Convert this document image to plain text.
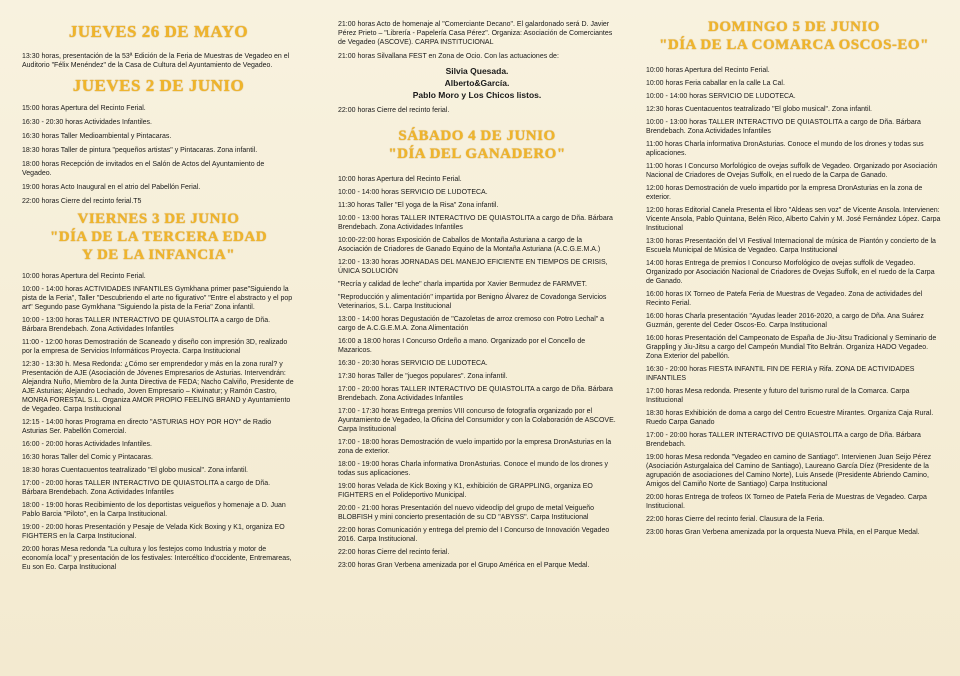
JUEVES 26 DE MAYO

13:30 horas, presentación de la 53ª Edición de la Feria de Muestras de Vegadeo en el Auditorio "Félix Menéndez" de la Casa de Cultura del Ayuntamiento de Vegadeo.

JUEVES 2 DE JUNIO

15:00 horas Apertura del Recinto Ferial.

16:30 - 20:30 horas Actividades Infantiles.

16:30 horas Taller Medioambiental y Pintacaras.

18:30 horas Taller de pintura "pequeños artistas" y Pintacaras. Zona infantil.

18:00 horas Recepción de invitados en el Salón de Actos del Ayuntamiento de Vegadeo.

19:00 horas Acto Inaugural en el atrio del Pabellón Ferial.

22:00 horas Cierre del recinto ferial.T5

VIERNES 3 DE JUNIO
"DÍA DE LA TERCERA EDAD
Y DE LA INFANCIA"

10:00 horas Apertura del Recinto Ferial.

10:00 - 14:00 horas ACTIVIDADES INFANTILES Gymkhana primer pase"Siguiendo la pista de la Feria", Taller "Descubriendo el arte no figurativo" "Entre el abstracto y el pop art" Segundo pase Gymkhana "Siguiendo la pista de la Feria" Zona infantil.

10:00 - 13:00 horas TALLER INTERACTIVO DE QUIASTOLITA a cargo de Dña. Bárbara Brendebach. Zona Actividades Infantiles

11:00 - 12:00 horas Demostración de Scaneado y diseño con impresión 3D, realizado por la empresa de Servicios Informáticos Proyecta. Carpa Institucional

12:30 - 13:30 h. Mesa Redonda: ¿Cómo ser emprendedor y más en la zona rural? y Presentación de AJE (Asociación de Jóvenes Empresarios de Asturias. Intervendrán: Alejandra Nuño, Miembro de la Junta Directiva de FEDA; Nacho Calviño, Presidente de AJE Asturias; Alejandro Lechado, Joven Empresario – Kiwinatur; y Ramón Castro, MONRA FORESTAL S.L. Organiza AMOR PROPIO FEELING BRAND y Ayuntamiento de Vegadeo. Carpa Institucional

12:15 - 14:00 horas Programa en directo "ASTURIAS HOY POR HOY" de Radio Asturias Ser. Pabellón Comercial.

16:00 - 20:00 horas Actividades Infantiles.

16:30 horas Taller del Comic y Pintacaras.

18:30 horas Cuentacuentos teatralizado "El globo musical". Zona infantil.

17:00 - 20:00 horas TALLER INTERACTIVO DE QUIASTOLITA a cargo de Dña. Bárbara Brendebach. Zona Actividades Infantiles

18:00 - 19:00 horas Recibimiento de los deportistas veigueños y homenaje a D. Juan Pablo Barcia "Piloto", en la Carpa Institucional.

19:00 - 20:00 horas Presentación y Pesaje de Velada Kick Boxing y K1, organiza EO FIGHTERS en la Carpa Institucional.

20:00 horas Mesa redonda "La cultura y los festejos como Industria y motor de economía local" y presentación de los festivales: Intercéltico d'occidente, Entremareas, Eu son Eo. Carpa Institucional

21:00 horas Acto de homenaje al "Comerciante Decano". El galardonado será D. Javier Pérez Prieto – "Librería - Papelería Casa Pérez". Organiza: Asociación de Comerciantes de Vegadeo (ASCOVE). CARPA INSTITUCIONAL

21:00 horas Silvallana FEST en Zona de Ocio. Con las actuaciones de:

Silvia Quesada.
Alberto&García.
Pablo Moro y Los Chicos listos.

22:00 horas Cierre del recinto ferial.

SÁBADO 4 DE JUNIO
"DÍA DEL GANADERO"

10:00 horas Apertura del Recinto Ferial.

10:00 - 14:00 horas SERVICIO DE LUDOTECA.

11:30 horas Taller "El yoga de la Risa" Zona infantil.

10:00 - 13:00 horas TALLER INTERACTIVO DE QUIASTOLITA a cargo de Dña. Bárbara Brendebach. Zona Actividades Infantiles

10:00-22:00 horas Exposición de Caballos de Montaña Asturiana a cargo de la Asociación de Criadores de Ganado Equino de la Montaña Asturiana (A.C.G.E.M.A.)

12:00 - 13:30 horas JORNADAS DEL MANEJO EFICIENTE EN TIEMPOS DE CRISIS, ÚNICA SOLUCIÓN

"Recría y calidad de leche" charla impartida por Xavier Bermudez de FARMVET.

"Reproducción y alimentación" impartida por Benigno Álvarez de Covadonga Servicios Veterinarios, S.L. Carpa Institucional

13:00 - 14:00 horas Degustación de "Cazoletas de arroz cremoso con Potro Lechal" a cargo de A.C.G.E.M.A. Zona Alimentación

16:00 a 18:00 horas I Concurso Ordeño a mano. Organizado por el Concello de Mazaricos.

16:30 - 20:30 horas SERVICIO DE LUDOTECA.

17:30 horas Taller de "juegos populares". Zona infantil.

17:00 - 20:00 horas TALLER INTERACTIVO DE QUIASTOLITA a cargo de Dña. Bárbara Brendebach. Zona Actividades Infantiles

17:00 - 17:30 horas Entrega premios VIII concurso de fotografía organizado por el Ayuntamiento de Vegadeo, la Oficina del Consumidor y con la Colaboración de ASCOVE. Carpa Institucional

17:00 - 18:00 horas Demostración de vuelo impartido por la empresa DronAsturias en la zona de exterior.

18:00 - 19:00 horas Charla informativa DronAsturias. Conoce el mundo de los drones y todas sus aplicaciones.

19:00 horas Velada de Kick Boxing y K1, exhibición de GRAPPLING, organiza EO FIGHTERS en el Polideportivo Municipal.

20:00 - 21:00 horas Presentación del nuevo videoclip del grupo de metal Veigueño BLOBFISH y mini concierto presentación de su CD "ABYSS". Carpa Institucional

22:00 horas Comunicación y entrega del premio del I Concurso de Innovación Vegadeo 2016. Carpa Institucional.

22:00 horas Cierre del recinto ferial.

23:00 horas Gran Verbena amenizada por el Grupo América en el Parque Medal.

DOMINGO 5 DE JUNIO
"DÍA DE LA COMARCA OSCOS-EO"

10:00 horas Apertura del Recinto Ferial.

10:00 horas Feria caballar en la calle La Cal.

10:00 - 14:00 horas SERVICIO DE LUDOTECA.

12:30 horas Cuentacuentos teatralizado "El globo musical". Zona infantil.

10:00 - 13:00 horas TALLER INTERACTIVO DE QUIASTOLITA a cargo de Dña. Bárbara Brendebach. Zona Actividades Infantiles

11:00 horas Charla informativa DronAsturias. Conoce el mundo de los drones y todas sus aplicaciones.

11:00 horas I Concurso Morfológico de ovejas suffolk de Vegadeo. Organizado por Asociación Nacional de Criadores de Ovejas Suffolk, en el ruedo de la Carpa de Ganado.

12:00 horas Demostración de vuelo impartido por la empresa DronAsturias en la zona de exterior.

12:00 horas Editorial Canela Presenta el libro "Aldeas sen voz" de Vicente Ansola. Intervienen: Vicente Ansola, Pablo Quintana, Belén Rico, Alberto Calvin y M. José Fernández López. Carpa Institucional

13:00 horas Presentación del VI Festival Internacional de música de Piantón y concierto de la Escuela Municipal de Música de Vegadeo. Carpa Institucional

14:00 horas Entrega de premios I Concurso Morfológico de ovejas suffolk de Vegadeo. Organizado por Asociación Nacional de Criadores de Ovejas Suffolk, en el ruedo de la Carpa de Ganado.

16:00 horas IX Torneo de Patefa Feria de Muestras de Vegadeo. Zona de actividades del Recinto Ferial.

16:00 horas Charla presentación "Ayudas leader 2016-2020, a cargo de Dña. Ana Suárez Guzmán, gerente del Ceder Oscos-Eo. Carpa Institucional

16:00 horas Presentación del Campeonato de España de Jiu-Jitsu Tradicional y Seminario de Grappling y Jiu-Jitsu a cargo del Campeón Mundial Tito Beltrán. Organiza HADO Vegadeo. Zona Exterior del pabellón.

16:30 - 20:00 horas FIESTA INFANTIL FIN DE FERIA y Rifa. ZONA DE ACTIVIDADES INFANTILES

17:00 horas Mesa redonda. Presente y futuro del turismo rural de la Comarca. Carpa Institucional

18:30 horas Exhibición de doma a cargo del Centro Ecuestre Mirantes. Organiza Caja Rural. Ruedo Carpa Ganado

17:00 - 20:00 horas TALLER INTERACTIVO DE QUIASTOLITA a cargo de Dña. Bárbara Brendebach.

19:00 horas Mesa redonda "Vegadeo en camino de Santiago". Intervienen Juan Seijo Pérez (Asociación Asturgalaica del Camino de Santiago), Laureano García Díez (Presidente de la agrupación de asociaciones del Camino Norte), Luis Ansede (Presidente Abriendo Camino, Amigos del Camiño Norte de Santiago) Carpa Institucional

20:00 horas Entrega de trofeos IX Torneo de Patefa Feria de Muestras de Vegadeo. Carpa Institucional.

22:00 horas Cierre del recinto ferial. Clausura de la Feria.

23:00 horas Gran Verbena amenizada por la orquesta Nueva Phila, en el Parque Medal.
